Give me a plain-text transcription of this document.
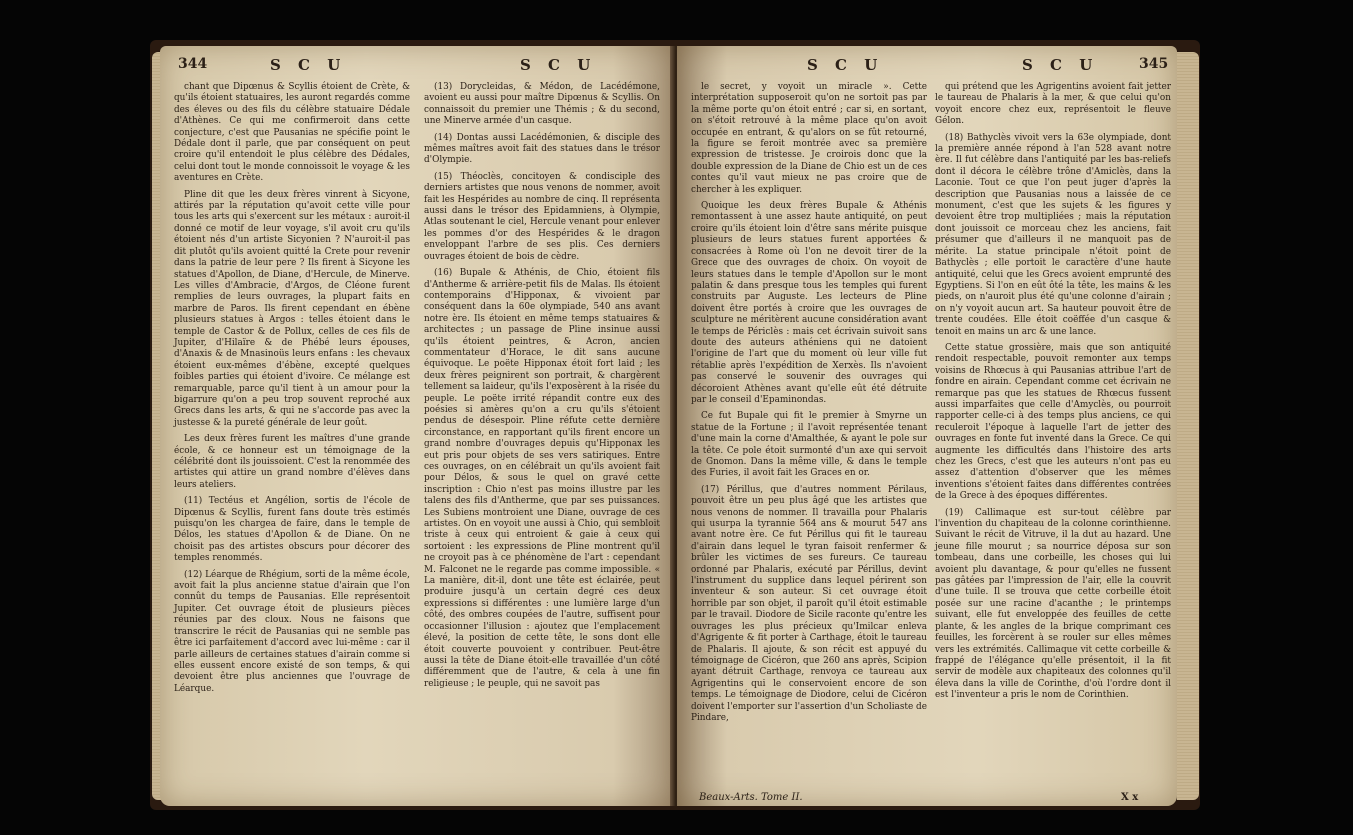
344	S C U	S C U

chant que Dipœnus & Scyllis étoient de Crète, & qu'ils étoient statuaires, les auront regardés comme des éleves ou des fils du célèbre statuaire Dédale d'Athènes. Ce qui me confirmeroit dans cette conjecture, c'est que Pausanias ne spécifie point le Dédale dont il parle, que par conséquent on peut croire qu'il entendoit le plus célèbre des Dédales, celui dont tout le monde connoissoit le voyage & les aventures en Crète.

Pline dit que les deux frères vinrent à Sicyone, attirés par la réputation qu'avoit cette ville pour tous les arts qui s'exercent sur les métaux : auroit-il donné ce motif de leur voyage, s'il avoit cru qu'ils étoient nés d'un artiste Sicyonien ? N'auroit-il pas dit plutôt qu'ils avoient quitté la Crete pour revenir dans la patrie de leur pere ? Ils firent à Sicyone les statues d'Apollon, de Diane, d'Hercule, de Minerve. Les villes d'Ambracie, d'Argos, de Cléone furent remplies de leurs ouvrages, la plupart faits en marbre de Paros. Ils firent cependant en ébène plusieurs statues à Argos : telles étoient dans le temple de Castor & de Pollux, celles de ces fils de Jupiter, d'Hilaïre & de Phébé leurs épouses, d'Anaxis & de Mnasinoüs leurs enfans : les chevaux étoient eux-mêmes d'ébène, excepté quelques foibles parties qui étoient d'ivoire. Ce mélange est remarquable, parce qu'il tient à un amour pour la bigarrure qu'on a peu trop souvent reproché aux Grecs dans les arts, & qui ne s'accorde pas avec la justesse & la pureté générale de leur goût.

Les deux frères furent les maîtres d'une grande école, & ce honneur est un témoignage de la célébrité dont ils jouissoient. C'est la renommée des artistes qui attire un grand nombre d'élèves dans leurs ateliers.

(11) Tectéus et Angélion, sortis de l'école de Dipœnus & Scyllis, furent fans doute très estimés puisqu'on les chargea de faire, dans le temple de Délos, les statues d'Apollon & de Diane. On ne choisit pas des artistes obscurs pour décorer des temples renommés.

(12) Léarque de Rhégium, sorti de la même école, avoit fait la plus ancienne statue d'airain que l'on connût du temps de Pausanias. Elle représentoit Jupiter. Cet ouvrage étoit de plusieurs pièces réunies par des cloux. Nous ne faisons que transcrire le récit de Pausanias qui ne semble pas être ici parfaitement d'accord avec lui-même : car il parle ailleurs de certaines statues d'airain comme si elles eussent encore existé de son temps, & qui devoient être plus anciennes que l'ouvrage de Léarque.

(13) Dorycleidas, & Médon, de Lacédémone, avoient eu aussi pour maître Dipœnus & Scyllis. On connaissoit du premier une Thémis ; & du second, une Minerve armée d'un casque.

(14) Dontas aussi Lacédémonien, & disciple des mêmes maîtres avoit fait des statues dans le trésor d'Olympie.

(15) Théoclès, concitoyen & condisciple des derniers artistes que nous venons de nommer, avoit fait les Hespérides au nombre de cinq. Il représenta aussi dans le trésor des Epidamniens, à Olympie, Atlas soutenant le ciel, Hercule venant pour enlever les pommes d'or des Hespérides & le dragon enveloppant l'arbre de ses plis. Ces derniers ouvrages étoient de bois de cèdre.

(16) Bupale & Athénis, de Chio, étoient fils d'Anthermе & arrière-petit fils de Malas. Ils étoient contemporains d'Hipponax, & vivoient par conséquent dans la 60e olympiade, 540 ans avant notre ère. Ils étoient en même temps statuaires & architectes ; un passage de Pline insinue aussi qu'ils étoient peintres, & Acron, ancien commentateur d'Horace, le dit sans aucune équivoque. Le poëte Hipponax étoit fort laid ; les deux frères peignirent son portrait, & chargèrent tellement sa laideur, qu'ils l'exposèrent à la risée du peuple. Le poëte irrité répandit contre eux des poésies si amères qu'on a cru qu'ils s'étoient pendus de désespoir. Pline réfute cette dernière circonstance, en rapportant qu'ils firent encore un grand nombre d'ouvrages depuis qu'Hipponax les eut pris pour objets de ses vers satiriques. Entre ces ouvrages, on en célébrait un qu'ils avoient fait pour Délos, & sous le quel on gravé cette inscription : Chio n'est pas moins illustre par les talens des fils d'Anthermе, que par ses puissances. Les Subiens montroient une Diane, ouvrage de ces artistes. On en voyoit une aussi à Chio, qui sembloit triste à ceux qui entroient & gaie à ceux qui sortoient : les expressions de Pline montrent qu'il ne croyoit pas à ce phénomène de l'art : cependant M. Falconet ne le regarde pas comme impossible. « La manière, dit-il, dont une tête est éclairée, peut produire jusqu'à un certain degré ces deux expressions si différentes : une lumière large d'un côté, des ombres coupées de l'autre, suffisent pour occasionner l'illusion : ajoutez que l'emplacement élevé, la position de cette tête, le sons dont elle étoit couverte pouvoient y contribuer. Peut-être aussi la tête de Diane étoit-elle travaillée d'un côté différemment que de l'autre, & cela à une fin religieuse ; le peuple, qui ne savoit pas

S C U	S C U	345

le secret, y voyoit un miracle ». Cette interprétation supposeroit qu'on ne sortoit pas par la même porte qu'on étoit entré ; car si, en sortant, on s'étoit retrouvé à la même place qu'on avoit occupée en entrant, & qu'alors on se fût retourné, la figure se feroit montrée avec sa première expression de tristesse. Je croirois donc que la double expression de la Diane de Chio est un de ces contes qu'il vaut mieux ne pas croire que de chercher à les expliquer.

Quoique les deux frères Bupale & Athénis remontassent à une assez haute antiquité, on peut croire qu'ils étoient loin d'être sans mérite puisque plusieurs de leurs statues furent apportées & consacrées à Rome où l'on ne devoit tirer de la Grece que des ouvrages de choix. On voyoit de leurs statues dans le temple d'Apollon sur le mont palatin & dans presque tous les temples qui furent construits par Auguste. Les lecteurs de Pline doivent être portés à croire que les ouvrages de sculpture ne méritèrent aucune considération avant le temps de Périclès : mais cet écrivain suivoit sans doute des auteurs athéniens qui ne datoient l'origine de l'art que du moment où leur ville fut rétablie après l'expédition de Xerxès. Ils n'avoient pas conservé le souvenir des ouvrages qui décoroient Athènes avant qu'elle eût été détruite par le conseil d'Epaminondas.

Ce fut Bupale qui fit le premier à Smyrne un statue de la Fortune ; il l'avoit représentée tenant d'une main la corne d'Amalthée, & ayant le pole sur la tête. Ce pole étoit surmonté d'un axe qui servoit de Gnomon. Dans la même ville, & dans le temple des Furies, il avoit fait les Graces en or.

(17) Périllus, que d'autres nomment Périlaus, pouvoit être un peu plus âgé que les artistes que nous venons de nommer. Il travailla pour Phalaris qui usurpa la tyrannie 564 ans & mourut 547 ans avant notre ère. Ce fut Périllus qui fit le taureau d'airain dans lequel le tyran faisoit renfermer & brûler les victimes de ses fureurs. Ce taureau ordonné par Phalaris, exécuté par Périllus, devint l'instrument du supplice dans lequel périrent son inventeur & son auteur. Si cet ouvrage étoit horrible par son objet, il paroît qu'il étoit estimable par le travail. Diodore de Sicile raconte qu'entre les ouvrages les plus précieux qu'Imilcar enleva d'Agrigente & fit porter à Carthage, étoit le taureau de Phalaris. Il ajoute, & son récit est appuyé du témoignage de Cicéron, que 260 ans après, Scipion ayant détruit Carthage, renvoya ce taureau aux Agrigentins qui le conservoient encore de son temps. Le témoignage de Diodore, celui de Cicéron doivent l'emporter sur l'assertion d'un Scholiaste de Pindare,

qui prétend que les Agrigentins avoient fait jetter le taureau de Phalaris à la mer, & que celui qu'on voyoit encore chez eux, représentoit le fleuve Gélon.

(18) Bathyclès vivoit vers la 63e olympiade, dont la première année répond à l'an 528 avant notre ère. Il fut célèbre dans l'antiquité par les bas-reliefs dont il décora le célèbre trône d'Amiclès, dans la Laconie. Tout ce que l'on peut juger d'après la description que Pausanias nous a laissée de ce monument, c'est que les sujets & les figures y devoient être trop multipliées ; mais la réputation dont jouissoit ce morceau chez les anciens, fait présumer que d'ailleurs il ne manquoit pas de mérite. La statue principale n'étoit point de Bathyclès ; elle portoit le caractère d'une haute antiquité, celui que les Grecs avoient emprunté des Egyptiens. Si l'on en eût ôté la tête, les mains & les pieds, on n'auroit plus été qu'une colonne d'airain ; on n'y voyoit aucun art. Sa hauteur pouvoit être de trente coudées. Elle étoit coëffée d'un casque & tenoit en mains un arc & une lance.

Cette statue grossière, mais que son antiquité rendoit respectable, pouvoit remonter aux temps voisins de Rhœcus à qui Pausanias attribue l'art de fondre en airain. Cependant comme cet écrivain ne remarque pas que les statues de Rhœcus fussent aussi imparfaites que celle d'Amyclès, ou pourroit rapporter celle-ci à des temps plus anciens, ce qui reculeroit l'époque à laquelle l'art de jetter des ouvrages en fonte fut inventé dans la Grece. Ce qui augmente les difficultés dans l'histoire des arts chez les Grecs, c'est que les auteurs n'ont pas eu assez d'attention d'observer que les mêmes inventions s'étoient faites dans différentes contrées de la Grece à des époques différentes.

(19) Callimaque est sur-tout célèbre par l'invention du chapiteau de la colonne corinthienne. Suivant le récit de Vitruve, il la dut au hazard. Une jeune fille mourut ; sa nourrice déposa sur son tombeau, dans une corbeille, les choses qui lui avoient plu davantage, & pour qu'elles ne fussent pas gâtées par l'impression de l'air, elle la couvrit d'une tuile. Il se trouva que cette corbeille étoit posée sur une racine d'acanthe ; le printemps suivant, elle fut enveloppée des feuilles de cette plante, & les angles de la brique comprimant ces feuilles, les forcèrent à se rouler sur elles mêmes vers les extrémités. Callimaque vit cette corbeille & frappé de l'élégance qu'elle présentoit, il la fit servir de modèle aux chapiteaux des colonnes qu'il éleva dans la ville de Corinthe, d'où l'ordre dont il est l'inventeur a pris le nom de Corinthien.

Beaux-Arts. Tome II.	X x
